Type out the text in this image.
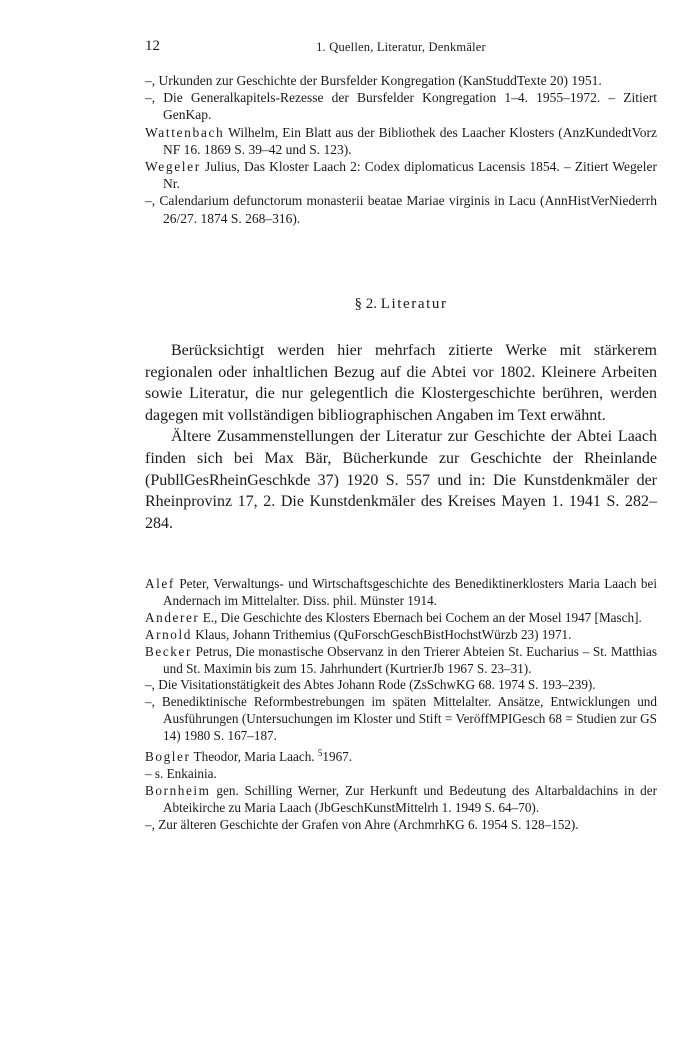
12	1. Quellen, Literatur, Denkmäler

–, Urkunden zur Geschichte der Bursfelder Kongregation (KanStuddTexte 20) 1951.

–, Die Generalkapitels-Rezesse der Bursfelder Kongregation 1–4. 1955–1972. – Zitiert GenKap.

Wattenbach Wilhelm, Ein Blatt aus der Bibliothek des Laacher Klosters (AnzKundedtVorz NF 16. 1869 S. 39–42 und S. 123).

Wegeler Julius, Das Kloster Laach 2: Codex diplomaticus Lacensis 1854. – Zitiert Wegeler Nr.

–, Calendarium defunctorum monasterii beatae Mariae virginis in Lacu (AnnHistVerNiederrh 26/27. 1874 S. 268–316).

§ 2. Literatur

Berücksichtigt werden hier mehrfach zitierte Werke mit stärkerem regionalen oder inhaltlichen Bezug auf die Abtei vor 1802. Kleinere Arbeiten sowie Literatur, die nur gelegentlich die Klostergeschichte berühren, werden dagegen mit vollständigen bibliographischen Angaben im Text erwähnt.

Ältere Zusammenstellungen der Literatur zur Geschichte der Abtei Laach finden sich bei Max Bär, Bücherkunde zur Geschichte der Rheinlande (PubllGesRheinGeschkde 37) 1920 S. 557 und in: Die Kunstdenkmäler der Rheinprovinz 17, 2. Die Kunstdenkmäler des Kreises Mayen 1. 1941 S. 282–284.

Alef Peter, Verwaltungs- und Wirtschaftsgeschichte des Benediktinerklosters Maria Laach bei Andernach im Mittelalter. Diss. phil. Münster 1914.

Anderer E., Die Geschichte des Klosters Ebernach bei Cochem an der Mosel 1947 [Masch].

Arnold Klaus, Johann Trithemius (QuForschGeschBistHochstWürzb 23) 1971.

Becker Petrus, Die monastische Observanz in den Trierer Abteien St. Eucharius – St. Matthias und St. Maximin bis zum 15. Jahrhundert (KurtrierJb 1967 S. 23–31).

–, Die Visitationstätigkeit des Abtes Johann Rode (ZsSchwKG 68. 1974 S. 193–239).

–, Benediktinische Reformbestrebungen im späten Mittelalter. Ansätze, Entwicklungen und Ausführungen (Untersuchungen im Kloster und Stift = VeröffMPIGesch 68 = Studien zur GS 14) 1980 S. 167–187.

Bogler Theodor, Maria Laach. $^5$1967.

– s. Enkainia.

Bornheim gen. Schilling Werner, Zur Herkunft und Bedeutung des Altarbaldachins in der Abteikirche zu Maria Laach (JbGeschKunstMittelrh 1. 1949 S. 64–70).

–, Zur älteren Geschichte der Grafen von Ahre (ArchmrhKG 6. 1954 S. 128–152).
